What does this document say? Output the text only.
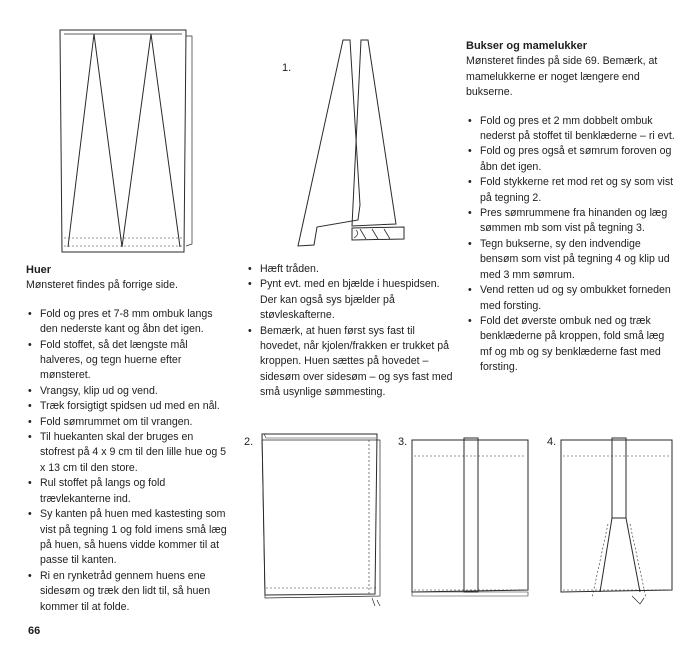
1.
2.	3.	4.
Huer
Mønsteret findes på forrige side.
• Fold og pres et 7-8 mm ombuk langs den nederste kant og åbn det igen.
• Fold stoffet, så det længste mål halveres, og tegn huerne efter mønsteret.
• Vrangsy, klip ud og vend.
• Træk forsigtigt spidsen ud med en nål.
• Fold sømrummet om til vrangen.
• Til huekanten skal der bruges en stofrest på 4 x 9 cm til den lille hue og 5 x 13 cm til den store.
• Rul stoffet på langs og fold trævlekanterne ind.
• Sy kanten på huen med kastesting som vist på tegning 1 og fold imens små læg på huen, så huens vidde kommer til at passe til kanten.
• Ri en rynketråd gennem huens ene sidesøm og træk den lidt til, så huen kommer til at folde.
• Hæft tråden.
• Pynt evt. med en bjælde i huespidsen. Der kan også sys bjælder på støvleskafterne.
• Bemærk, at huen først sys fast til hovedet, når kjolen/frakken er trukket på kroppen. Huen sættes på hovedet – sidesøm over sidesøm – og sys fast med små usynlige sømmesting.
Bukser og mamelukker
Mønsteret findes på side 69. Bemærk, at mamelukkerne er noget længere end bukserne.
• Fold og pres et 2 mm dobbelt ombuk nederst på stoffet til benklæderne – ri evt.
• Fold og pres også et sømrum foroven og åbn det igen.
• Fold stykkerne ret mod ret og sy som vist på tegning 2.
• Pres sømrummene fra hinanden og læg sømmen mb som vist på tegning 3.
• Tegn bukserne, sy den indvendige bensøm som vist på tegning 4 og klip ud med 3 mm sømrum.
• Vend retten ud og sy ombukket forneden med forsting.
• Fold det øverste ombuk ned og træk benklæderne på kroppen, fold små læg mf og mb og sy benklæderne fast med forsting.
66
